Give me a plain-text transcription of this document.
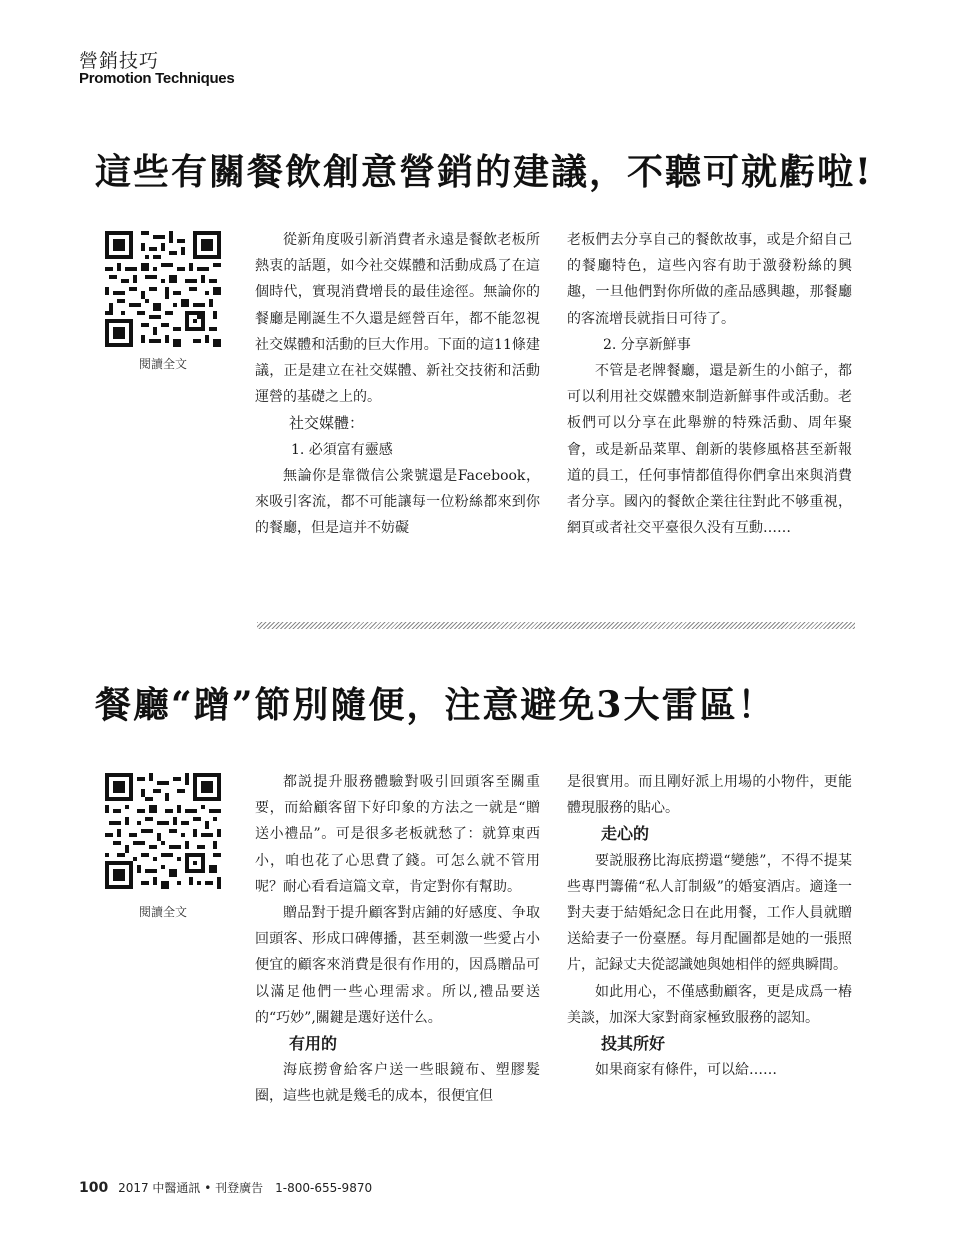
營銷技巧
Promotion Techniques
這些有關餐飲創意營銷的建議，不聽可就虧啦!
閱讀全文

從新角度吸引新消費者永遠是餐飲老板所熱衷的話題，如今社交媒體和活動成爲了在這個時代，實現消費增長的最佳途徑。無論你的餐廳是剛誕生不久還是經營百年，都不能忽視社交媒體和活動的巨大作用。下面的這11條建議，正是建立在社交媒體、新社交技術和活動運營的基礎之上的。

社交媒體：

1. 必須富有靈感

無論你是靠微信公衆號還是Facebook，來吸引客流，都不可能讓每一位粉絲都來到你的餐廳，但是這并不妨礙

老板們去分享自己的餐飲故事，或是介紹自己的餐廳特色，這些內容有助于激發粉絲的興趣，一旦他們對你所做的產品感興趣，那餐廳的客流增長就指日可待了。

2. 分享新鮮事

不管是老牌餐廳，還是新生的小館子，都可以利用社交媒體來制造新鮮事件或活動。老板們可以分享在此舉辦的特殊活動、周年聚會，或是新品菜單、創新的裝修風格甚至新報道的員工，任何事情都值得你們拿出來與消費者分享。國內的餐飲企業往往對此不够重視，網頁或者社交平臺很久没有互動……

餐廳“蹭”節別隨便，注意避免3大雷區！
閱讀全文

都説提升服務體驗對吸引回頭客至關重要，而給顧客留下好印象的方法之一就是“贈送小禮品”。可是很多老板就愁了：就算東西小，咱也花了心思費了錢。可怎么就不管用呢？耐心看看這篇文章，肯定對你有幫助。

贈品對于提升顧客對店鋪的好感度、争取回頭客、形成口碑傳播，甚至刺激一些愛占小便宜的顧客來消費是很有作用的，因爲贈品可以滿足他們一些心理需求。所以,禮品要送的“巧妙”,關鍵是選好送什么。

有用的

海底撈會給客户送一些眼鏡布、塑膠髮圈，這些也就是幾毛的成本，很便宜但

是很實用。而且剛好派上用場的小物件，更能體現服務的貼心。

走心的

要説服務比海底撈還“變態”，不得不提某些專門籌備“私人訂制級”的婚宴酒店。適逢一對夫妻于結婚紀念日在此用餐，工作人員就贈送給妻子一份臺歷。每月配圖都是她的一張照片，記録丈夫從認識她與她相伴的經典瞬間。

如此用心，不僅感動顧客，更是成爲一樁美談，加深大家對商家極致服務的認知。

投其所好

如果商家有條件，可以給……

100 2017 中醫通訊 • 刊登廣告　1-800-655-9870
